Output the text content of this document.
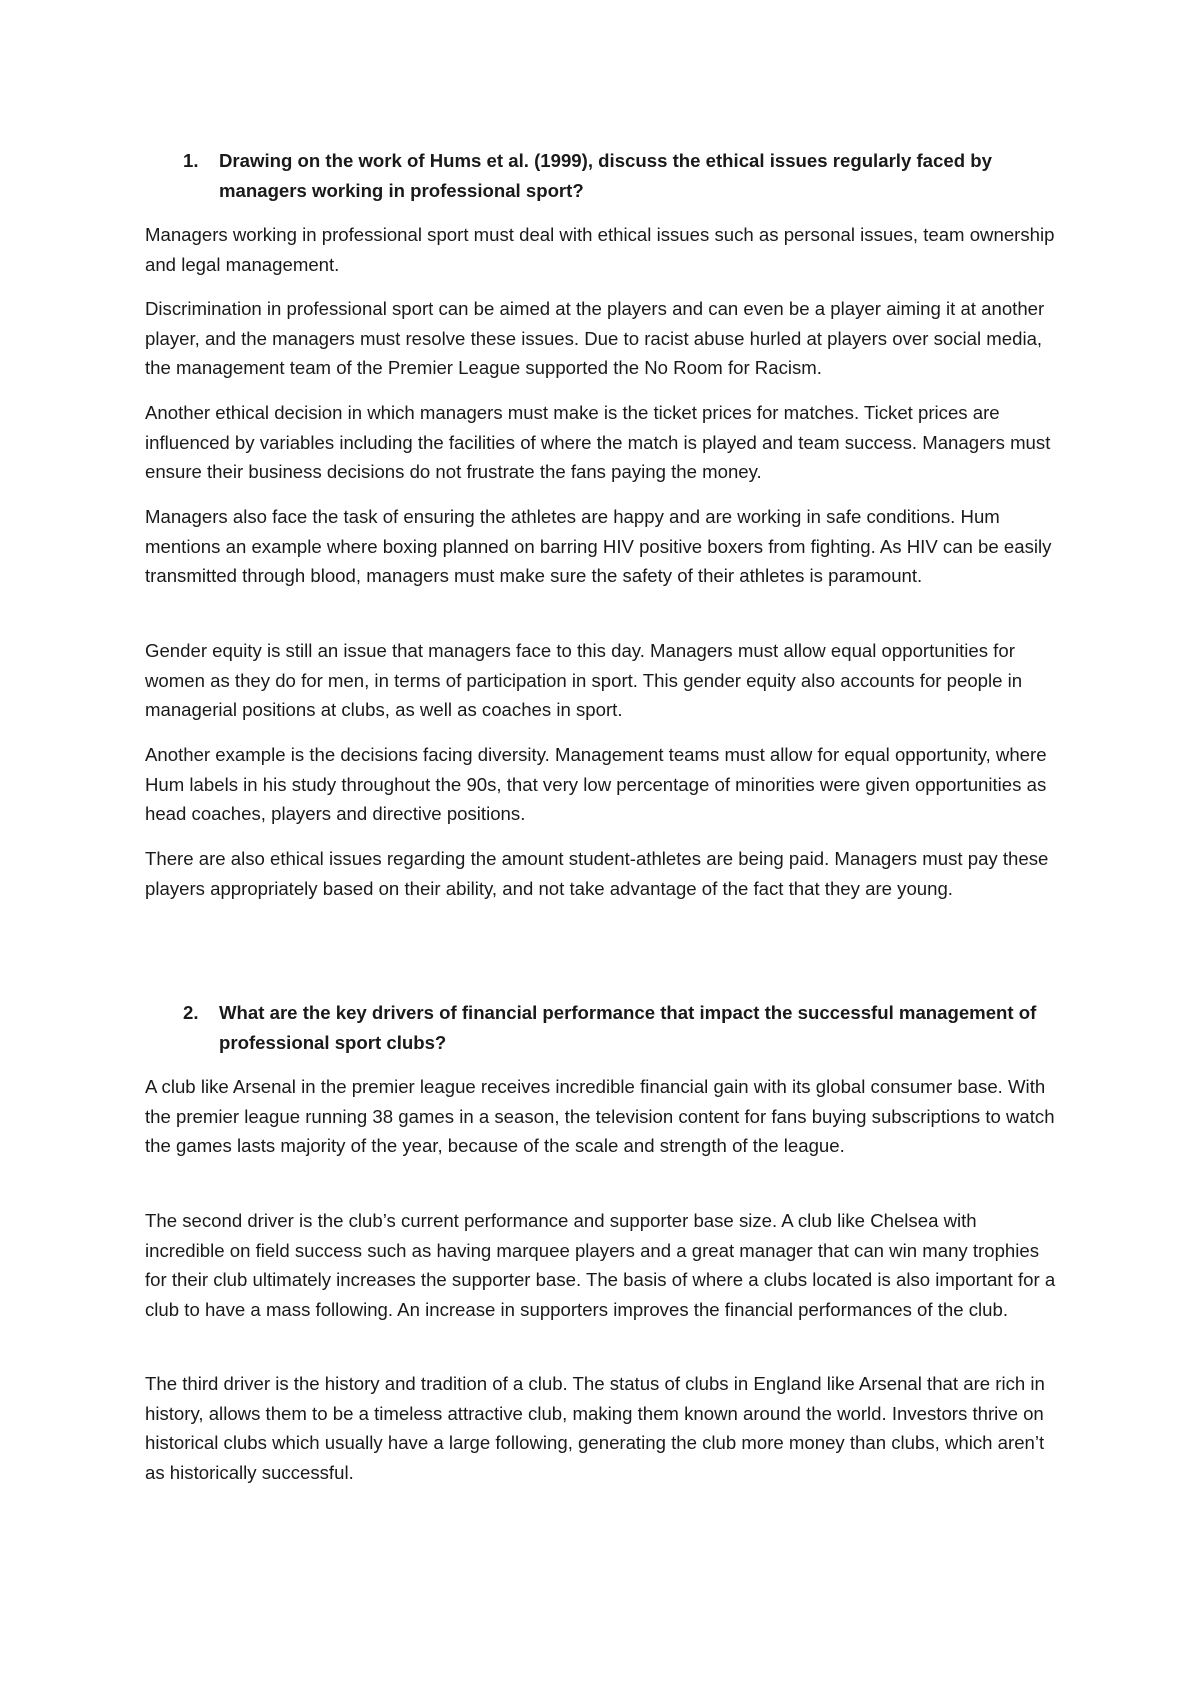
1. Drawing on the work of Hums et al. (1999), discuss the ethical issues regularly faced by managers working in professional sport?

Managers working in professional sport must deal with ethical issues such as personal issues, team ownership and legal management.

Discrimination in professional sport can be aimed at the players and can even be a player aiming it at another player, and the managers must resolve these issues. Due to racist abuse hurled at players over social media, the management team of the Premier League supported the No Room for Racism.

Another ethical decision in which managers must make is the ticket prices for matches. Ticket prices are influenced by variables including the facilities of where the match is played and team success. Managers must ensure their business decisions do not frustrate the fans paying the money.

Managers also face the task of ensuring the athletes are happy and are working in safe conditions. Hum mentions an example where boxing planned on barring HIV positive boxers from fighting. As HIV can be easily transmitted through blood, managers must make sure the safety of their athletes is paramount.

Gender equity is still an issue that managers face to this day. Managers must allow equal opportunities for women as they do for men, in terms of participation in sport. This gender equity also accounts for people in managerial positions at clubs, as well as coaches in sport.

Another example is the decisions facing diversity. Management teams must allow for equal opportunity, where Hum labels in his study throughout the 90s, that very low percentage of minorities were given opportunities as head coaches, players and directive positions.

There are also ethical issues regarding the amount student-athletes are being paid. Managers must pay these players appropriately based on their ability, and not take advantage of the fact that they are young.

2. What are the key drivers of financial performance that impact the successful management of professional sport clubs?

A club like Arsenal in the premier league receives incredible financial gain with its global consumer base. With the premier league running 38 games in a season, the television content for fans buying subscriptions to watch the games lasts majority of the year, because of the scale and strength of the league.

The second driver is the club’s current performance and supporter base size. A club like Chelsea with incredible on field success such as having marquee players and a great manager that can win many trophies for their club ultimately increases the supporter base. The basis of where a clubs located is also important for a club to have a mass following. An increase in supporters improves the financial performances of the club.

The third driver is the history and tradition of a club. The status of clubs in England like Arsenal that are rich in history, allows them to be a timeless attractive club, making them known around the world. Investors thrive on historical clubs which usually have a large following, generating the club more money than clubs, which aren’t as historically successful.
